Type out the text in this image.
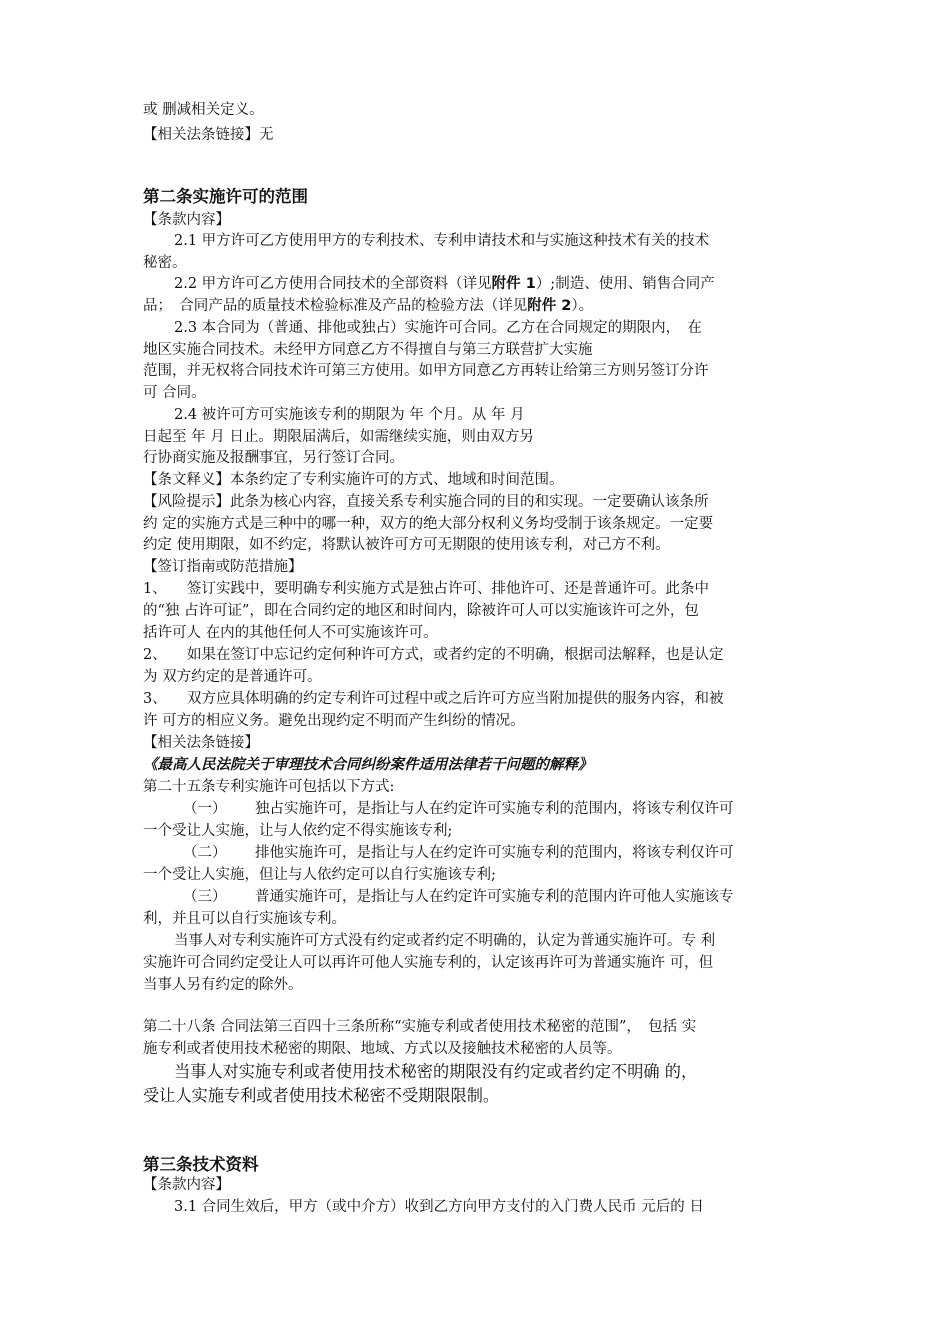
或 删减相关定义。
【相关法条链接】无
第二条实施许可的范围
【条款内容】
2.1 甲方许可乙方使用甲方的专利技术、专利申请技术和与实施这种技术有关的技术
秘密。
2.2 甲方许可乙方使用合同技术的全部资料（详见附件 1）;制造、使用、销售合同产
品；　合同产品的质量技术检验标准及产品的检验方法（详见附件 2）。
2.3 本合同为（普通、排他或独占）实施许可合同。乙方在合同规定的期限内，　在
地区实施合同技术。未经甲方同意乙方不得擅自与第三方联营扩大实施
范围，并无权将合同技术许可第三方使用。如甲方同意乙方再转让给第三方则另签订分许
可 合同。
2.4 被许可方可实施该专利的期限为 年 个月。从 年 月
日起至 年 月 日止。期限届满后，如需继续实施，则由双方另
行协商实施及报酬事宜，另行签订合同。
【条文释义】本条约定了专利实施许可的方式、地域和时间范围。
【风险提示】此条为核心内容，直接关系专利实施合同的目的和实现。一定要确认该条所
约 定的实施方式是三种中的哪一种，双方的绝大部分权利义务均受制于该条规定。一定要
约定 使用期限，如不约定，将默认被许可方可无期限的使用该专利，对己方不利。
【签订指南或防范措施】
1、 签订实践中，要明确专利实施方式是独占许可、排他许可、还是普通许可。此条中
的“独 占许可证”，即在合同约定的地区和时间内，除被许可人可以实施该许可之外，包
括许可人 在内的其他任何人不可实施该许可。
2、 如果在签订中忘记约定何种许可方式，或者约定的不明确，根据司法解释，也是认定
为 双方约定的是普通许可。
3、 双方应具体明确的约定专利许可过程中或之后许可方应当附加提供的服务内容，和被
许 可方的相应义务。避免出现约定不明而产生纠纷的情况。
【相关法条链接】
《最高人民法院关于审理技术合同纠纷案件适用法律若干问题的解释》
第二十五条专利实施许可包括以下方式:
（一） 独占实施许可，是指让与人在约定许可实施专利的范围内，将该专利仅许可
一个受让人实施，让与人依约定不得实施该专利;
（二） 排他实施许可，是指让与人在约定许可实施专利的范围内，将该专利仅许可
一个受让人实施，但让与人依约定可以自行实施该专利;
（三） 普通实施许可，是指让与人在约定许可实施专利的范围内许可他人实施该专
利，并且可以自行实施该专利。
当事人对专利实施许可方式没有约定或者约定不明确的，认定为普通实施许可。专 利
实施许可合同约定受让人可以再许可他人实施专利的，认定该再许可为普通实施许 可，但
当事人另有约定的除外。
第二十八条 合同法第三百四十三条所称“实施专利或者使用技术秘密的范围”，　包括 实
施专利或者使用技术秘密的期限、地域、方式以及接触技术秘密的人员等。
当事人对实施专利或者使用技术秘密的期限没有约定或者约定不明确 的，
受让人实施专利或者使用技术秘密不受期限限制。
第三条技术资料
【条款内容】
3.1 合同生效后，甲方（或中介方）收到乙方向甲方支付的入门费人民币 元后的 日
